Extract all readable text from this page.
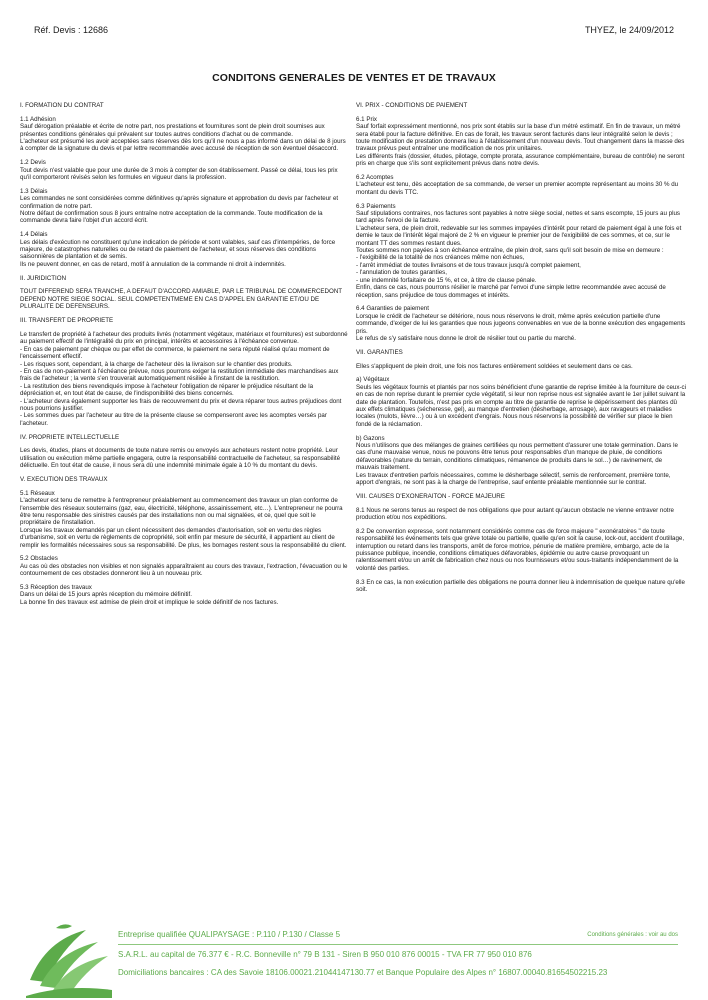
Réf. Devis : 12686	THYEZ, le 24/09/2012
CONDITONS GENERALES DE VENTES ET DE TRAVAUX

I. FORMATION DU CONTRAT

1.1 Adhésion
Sauf dérogation préalable et écrite de notre part, nos prestations et fournitures sont de plein droit soumises aux présentes conditions générales qui prévalent sur toutes autres conditions d'achat ou de commande.
L'acheteur est présumé les avoir acceptées sans réserves dès lors qu'il ne nous a pas informé dans un délai de 8 jours à compter de la signature du devis et par lettre recommandée avec accusé de réception de son éventuel désaccord.

1.2 Devis
Tout devis n'est valable que pour une durée de 3 mois à compter de son établissement. Passé ce délai, tous les prix qu'il comporteront révisés selon les formules en vigueur dans la profession.

1.3 Délais
Les commandes ne sont considérées comme définitives qu'après signature et approbation du devis par l'acheteur et confirmation de notre part.
Notre défaut de confirmation sous 8 jours entraîne notre acceptation de la commande. Toute modification de la commande devra faire l'objet d'un accord écrit.

1.4 Délais
Les délais d'exécution ne constituent qu'une indication de période et sont valables, sauf cas d'intempéries, de force majeure, de catastrophes naturelles ou de retard de paiement de l'acheteur, et sous réserves des conditions saisonnières de plantation et de semis.
Ils ne peuvent donner, en cas de retard, motif à annulation de la commande ni droit à indemnités.

II. JURIDICTION

TOUT DIFFEREND SERA TRANCHE, A DEFAUT D'ACCORD AMIABLE, PAR LE TRIBUNAL DE COMMERCEDONT DEPEND NOTRE SIEGE SOCIAL. SEUL COMPETENTMEME EN CAS D'APPEL EN GARANTIE ET/OU DE PLURALITE DE DEFENSEURS.

III. TRANSFERT DE PROPRIETE

Le transfert de propriété à l'acheteur des produits livrés (notamment végétaux, matériaux et fournitures) est subordonné au paiement effectif de l'intégralité du prix en principal, intérêts et accessoires à l'échéance convenue.
- En cas de paiement par chèque ou par effet de commerce, le paiement ne sera réputé réalisé qu'au moment de l'encaissement effectif.
- Les risques sont, cependant, à la charge de l'acheteur dès la livraison sur le chantier des produits.
- En cas de non-paiement à l'échéance prévue, nous pourrons exiger la restitution immédiate des marchandises aux frais de l'acheteur ; la vente s'en trouverait automatiquement résiliée à l'instant de la restitution.
- La restitution des biens revendiqués impose à l'acheteur l'obligation de réparer le préjudice résultant de la dépréciation et, en tout état de cause, de l'indisponibilité des biens concernés.
- L'acheteur devra également supporter les frais de recouvrement du prix et devra réparer tous autres préjudices dont nous pourrions justifier.
- Les sommes dues par l'acheteur au titre de la présente clause se compenseront avec les acomptes versés par l'acheteur.

IV. PROPRIETE INTELLECTUELLE

Les devis, études, plans et documents de toute nature remis ou envoyés aux acheteurs restent notre propriété. Leur utilisation ou exécution même partielle engagera, outre la responsabilité contractuelle de l'acheteur, sa responsabilité délictuelle. En tout état de cause, il nous sera dû une indemnité minimale égale à 10 % du montant du devis.

V. EXECUTION DES TRAVAUX

5.1 Réseaux
L'acheteur est tenu de remettre à l'entrepreneur préalablement au commencement des travaux un plan conforme de l'ensemble des réseaux souterrains (gaz, eau, électricité, téléphone, assainissement, etc…). L'entrepreneur ne pourra être tenu responsable des sinistres causés par des installations non ou mal signalées, et ce, quel que soit le propriétaire de l'installation.
Lorsque les travaux demandés par un client nécessitent des demandes d'autorisation, soit en vertu des règles d'urbanisme, soit en vertu de règlements de copropriété, soit enfin par mesure de sécurité, il appartient au client de remplir les formalités nécessaires sous sa responsabilité. De plus, les bornages restent sous la responsabilité du client.

5.2 Obstacles
Au cas où des obstacles non visibles et non signalés apparaîtraient au cours des travaux, l'extraction, l'évacuation ou le contournement de ces obstacles donneront lieu à un nouveau prix.

5.3 Réception des travaux
Dans un délai de 15 jours après réception du mémoire définitif.
La bonne fin des travaux est admise de plein droit et implique le solde définitif de nos factures.

VI. PRIX - CONDITIONS DE PAIEMENT

6.1 Prix
Sauf forfait expressément mentionné, nos prix sont établis sur la base d'un métré estimatif. En fin de travaux, un métré sera établi pour la facture définitive. En cas de forait, les travaux seront facturés dans leur intégralité selon le devis ; toute modification de prestation donnera lieu à l'établissement d'un nouveau devis. Tout changement dans la masse des travaux prévus peut entraîner une modification de nos prix unitaires.
Les différents frais (dossier, études, pilotage, compte prorata, assurance complémentaire, bureau de contrôle) ne seront pris en charge que s'ils sont explicitement prévus dans notre devis.

6.2 Acomptes
L'acheteur est tenu, dès acceptation de sa commande, de verser un premier acompte représentant au moins 30 % du montant du devis TTC.

6.3 Paiements
Sauf stipulations contraires, nos factures sont payables à notre siège social, nettes et sans escompte, 15 jours au plus tard après l'envoi de la facture.
L'acheteur sera, de plein droit, redevable sur les sommes impayées d'intérêt pour retard de paiement égal à une fois et demie le taux de l'intérêt légal majoré de 2 % en vigueur le premier jour de l'exigibilité de ces sommes, et ce, sur le montant TT des sommes restant dues.
Toutes sommes non payées à son échéance entraîne, de plein droit, sans qu'il soit besoin de mise en demeure :
- l'exigibilité de la totalité de nos créances même non échues,
- l'arrêt immédiat de toutes livraisons et de tous travaux jusqu'à complet paiement,
- l'annulation de toutes garanties,
- une indemnité forfaitaire de 15 %, et ce, à titre de clause pénale.
Enfin, dans ce cas, nous pourrons résilier le marché par l'envoi d'une simple lettre recommandée avec accusé de réception, sans préjudice de tous dommages et intérêts.

6.4 Garanties de paiement
Lorsque le crédit de l'acheteur se détériore, nous nous réservons le droit, même après exécution partielle d'une commande, d'exiger de lui les garanties que nous jugeons convenables en vue de la bonne exécution des engagements pris.
Le refus de s'y satisfaire nous donne le droit de résilier tout ou partie du marché.

VII. GARANTIES

Elles s'appliquent de plein droit, une fois nos factures entièrement soldées et seulement dans ce cas.

a) Végétaux
Seuls les végétaux fournis et plantés par nos soins bénéficient d'une garantie de reprise limitée à la fourniture de ceux-ci en cas de non reprise durant le premier cycle végétatif, si leur non reprise nous est signalée avant le 1er juillet suivant la date de plantation. Toutefois, n'est pas pris en compte au titre de garantie de reprise le dépérissement des plantes dû aux effets climatiques (sécheresse, gel), au manque d'entretien (désherbage, arrosage), aux ravageurs et maladies locales (mulots, lièvre…) ou à un excédent d'engrais. Nous nous réservons la possibilité de vérifier sur place le bien fondé de la réclamation.

b) Gazons
Nous n'utilisons que des mélanges de graines certifiées qu nous permettent d'assurer une totale germination. Dans le cas d'une mauvaise venue, nous ne pouvons être tenus pour responsables d'un manque de pluie, de conditions défavorables (nature du terrain, conditions climatiques, rémanence de produits dans le sol…) de ravinement, de mauvais traitement.
Les travaux d'entretien parfois nécessaires, comme le désherbage sélectif, semis de renforcement, première tonte, apport d'engrais, ne sont pas à la charge de l'entreprise, sauf entente préalable mentionnée sur le contrat.

VIII. CAUSES D'EXONERAITON - FORCE MAJEURE

8.1 Nous ne serons tenus au respect de nos obligations que pour autant qu'aucun obstacle ne vienne entraver notre production et/ou nos expéditions.

8.2 De convention expresse, sont notamment considérés comme cas de force majeure " exonératoires " de toute responsabilité les événements tels que grève totale ou partielle, quelle qu'en soit la cause, lock-out, accident d'outillage, interruption ou retard dans les transports, arrêt de force motrice, pénurie de matière première, embargo, acte de la puissance publique, incendie, conditions climatiques défavorables, épidémie ou autre cause provoquant un ralentissement et/ou un arrêt de fabrication chez nous ou nos fournisseurs et/ou sous-traitants indépendamment de la volonté des parties.

8.3 En ce cas, la non exécution partielle des obligations ne pourra donner lieu à indemnisation de quelque nature qu'elle soit.

Entreprise qualifiée QUALIPAYSAGE : P.110 / P.130 / Classe 5	Conditions générales : voir au dos
S.A.R.L. au capital de 76.377 € - R.C. Bonneville n° 79 B 131 - Siren B 950 010 876 00015 - TVA FR 77 950 010 876
Domiciliations bancaires : CA des Savoie 18106.00021.21044147130.77 et Banque Populaire des Alpes n° 16807.00040.81654502215.23
